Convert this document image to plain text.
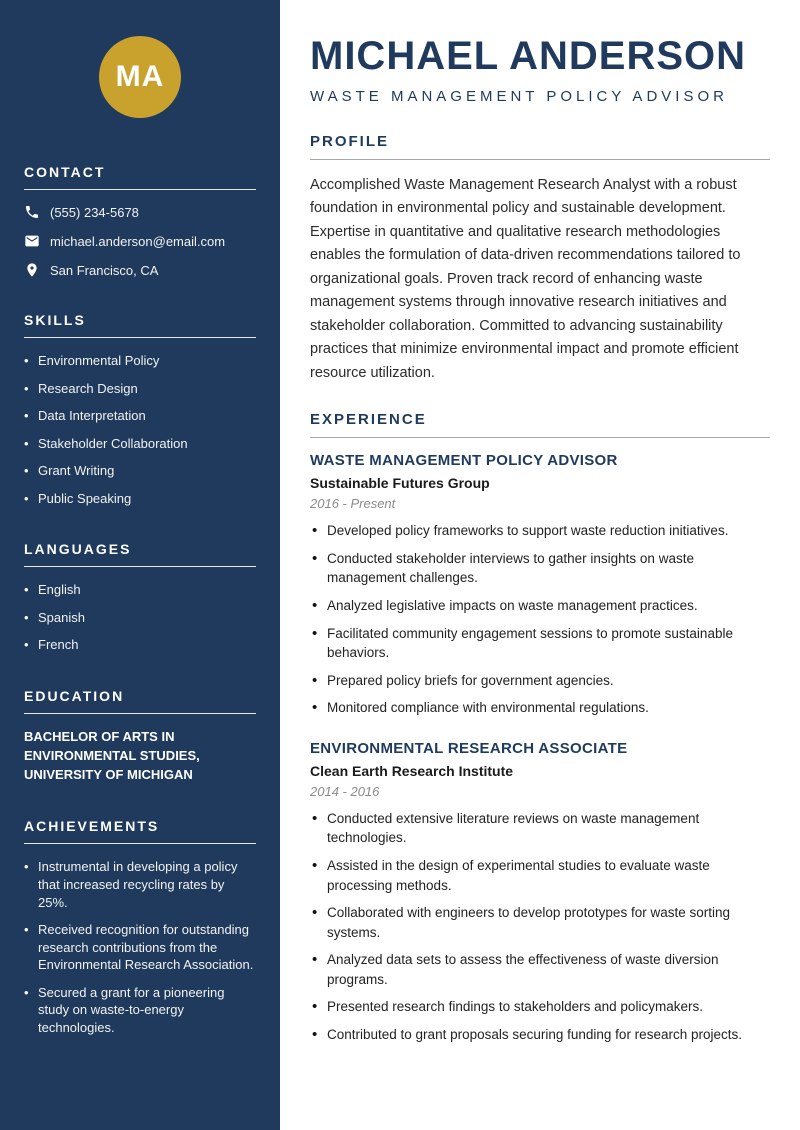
MA
CONTACT
(555) 234-5678
michael.anderson@email.com
San Francisco, CA
SKILLS
• Environmental Policy
• Research Design
• Data Interpretation
• Stakeholder Collaboration
• Grant Writing
• Public Speaking
LANGUAGES
• English
• Spanish
• French
EDUCATION
BACHELOR OF ARTS IN ENVIRONMENTAL STUDIES, UNIVERSITY OF MICHIGAN
ACHIEVEMENTS
• Instrumental in developing a policy that increased recycling rates by 25%.
• Received recognition for outstanding research contributions from the Environmental Research Association.
• Secured a grant for a pioneering study on waste-to-energy technologies.
MICHAEL ANDERSON
WASTE MANAGEMENT POLICY ADVISOR
PROFILE

Accomplished Waste Management Research Analyst with a robust foundation in environmental policy and sustainable development. Expertise in quantitative and qualitative research methodologies enables the formulation of data-driven recommendations tailored to organizational goals. Proven track record of enhancing waste management systems through innovative research initiatives and stakeholder collaboration. Committed to advancing sustainability practices that minimize environmental impact and promote efficient resource utilization.

EXPERIENCE
WASTE MANAGEMENT POLICY ADVISOR
Sustainable Futures Group
2016 - Present
• Developed policy frameworks to support waste reduction initiatives.
• Conducted stakeholder interviews to gather insights on waste management challenges.
• Analyzed legislative impacts on waste management practices.
• Facilitated community engagement sessions to promote sustainable behaviors.
• Prepared policy briefs for government agencies.
• Monitored compliance with environmental regulations.
ENVIRONMENTAL RESEARCH ASSOCIATE
Clean Earth Research Institute
2014 - 2016
• Conducted extensive literature reviews on waste management technologies.
• Assisted in the design of experimental studies to evaluate waste processing methods.
• Collaborated with engineers to develop prototypes for waste sorting systems.
• Analyzed data sets to assess the effectiveness of waste diversion programs.
• Presented research findings to stakeholders and policymakers.
• Contributed to grant proposals securing funding for research projects.
